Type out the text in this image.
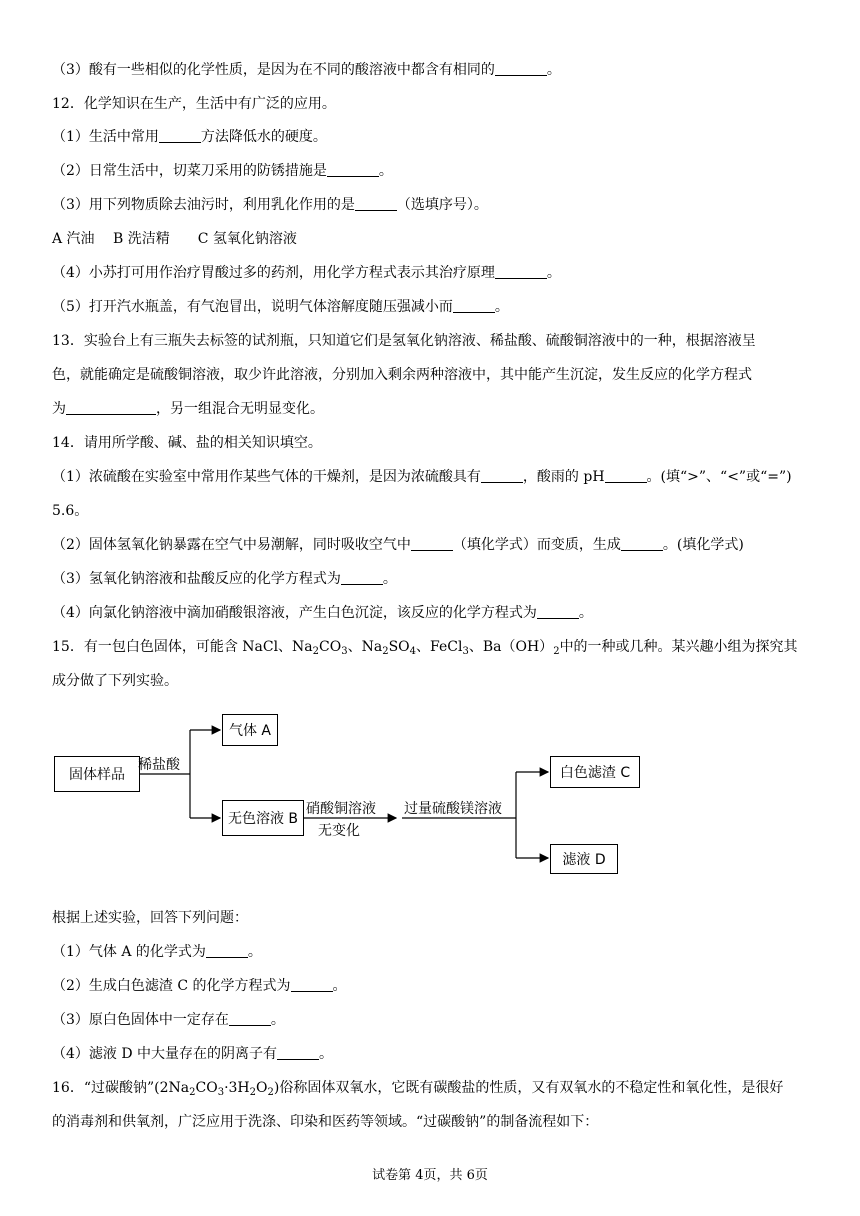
（3）酸有一些相似的化学性质，是因为在不同的酸溶液中都含有相同的	。
12．化学知识在生产，生活中有广泛的应用。
（1）生活中常用	方法降低水的硬度。
（2）日常生活中，切菜刀采用的防锈措施是	。
（3）用下列物质除去油污时，利用乳化作用的是	（选填序号）。
A 汽油　 B 洗洁精　　C 氢氧化钠溶液
（4）小苏打可用作治疗胃酸过多的药剂，用化学方程式表示其治疗原理	。
（5）打开汽水瓶盖，有气泡冒出，说明气体溶解度随压强减小而	。
13．实验台上有三瓶失去标签的试剂瓶，只知道它们是氢氧化钠溶液、稀盐酸、硫酸铜溶液中的一种，根据溶液呈
色，就能确定是硫酸铜溶液，取少许此溶液，分别加入剩余两种溶液中，其中能产生沉淀，发生反应的化学方程式
为	，另一组混合无明显变化。
14．请用所学酸、碱、盐的相关知识填空。
（1）浓硫酸在实验室中常用作某些气体的干燥剂，是因为浓硫酸具有	，酸雨的 pH	。(填“>”、“<”或“=”)
5.6。
（2）固体氢氧化钠暴露在空气中易潮解，同时吸收空气中	（填化学式）而变质，生成	。(填化学式)
（3）氢氧化钠溶液和盐酸反应的化学方程式为	。
（4）向氯化钠溶液中滴加硝酸银溶液，产生白色沉淀，该反应的化学方程式为	。
15．有一包白色固体，可能含 NaCl、$Na_2CO_3$、$Na_2SO_4$、FeCl$_3$、$Ba(OH)_2$中的一种或几种。某兴趣小组为探究其
成分做了下列实验。
固体样品
稀盐酸
气体 A
无色溶液 B
硝酸铜溶液
无变化
过量硫酸镁溶液
白色滤渣 C
滤液 D
根据上述实验，回答下列问题：
（1）气体 A 的化学式为	。
（2）生成白色滤渣 C 的化学方程式为	。
（3）原白色固体中一定存在	。
（4）滤液 D 中大量存在的阴离子有	。
16．“过碳酸钠$”(2Na_2CO_3\cdot 3H_2O_2)$俗称固体双氧水，它既有碳酸盐的性质，又有双氧水的不稳定性和氧化性，是很好
的消毒剂和供氧剂，广泛应用于洗涤、印染和医药等领域。“过碳酸钠”的制备流程如下：
试卷第 4页，共 6页
